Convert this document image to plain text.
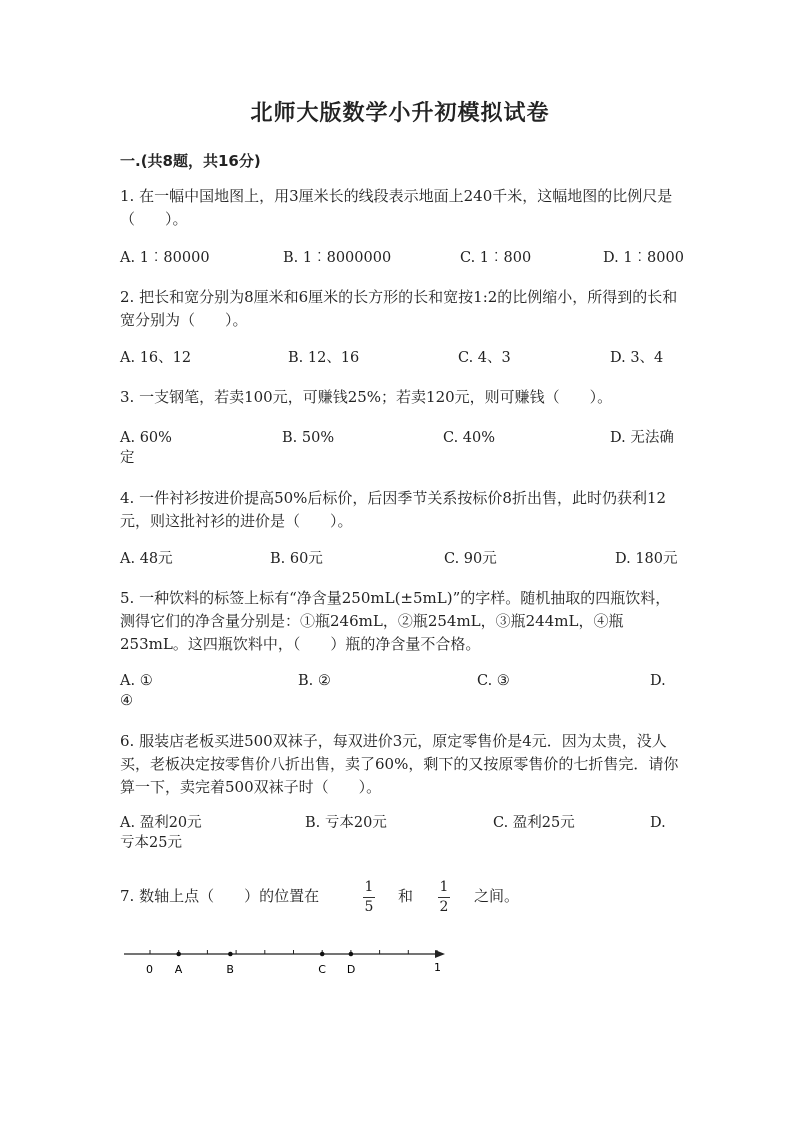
北师大版数学小升初模拟试卷
一.(共8题，共16分)
1. 在一幅中国地图上，用3厘米长的线段表示地面上240千米，这幅地图的比例尺是（　　）。
A. 1︰80000	B. 1︰8000000	C. 1︰800	D. 1︰8000
2. 把长和宽分别为8厘米和6厘米的长方形的长和宽按1:2的比例缩小，所得到的长和宽分别为（　　）。
A. 16、12	B. 12、16	C. 4、3	D. 3、4
3. 一支钢笔，若卖100元，可赚钱25%；若卖120元，则可赚钱（　　）。
A. 60%	B. 50%	C. 40%	D. 无法确定
4. 一件衬衫按进价提高50%后标价，后因季节关系按标价8折出售，此时仍获利12元，则这批衬衫的进价是（　　）。
A. 48元	B. 60元	C. 90元	D. 180元
5. 一种饮料的标签上标有“净含量250mL(±5mL)”的字样。随机抽取的四瓶饮料，测得它们的净含量分别是：①瓶246mL，②瓶254mL，③瓶244mL，④瓶253mL。这四瓶饮料中，（　　）瓶的净含量不合格。
A. ①	B. ②	C. ③	D. ④
6. 服装店老板买进500双袜子，每双进价3元，原定零售价是4元．因为太贵，没人买，老板决定按零售价八折出售，卖了60%，剩下的又按原零售价的七折售完．请你算一下，卖完着500双袜子时（　　）。
A. 盈利20元	B. 亏本20元	C. 盈利25元	D. 亏本25元
7. 数轴上点（　　）的位置在	1
5
和 1
2
之间。
0	1
A	B	C D
